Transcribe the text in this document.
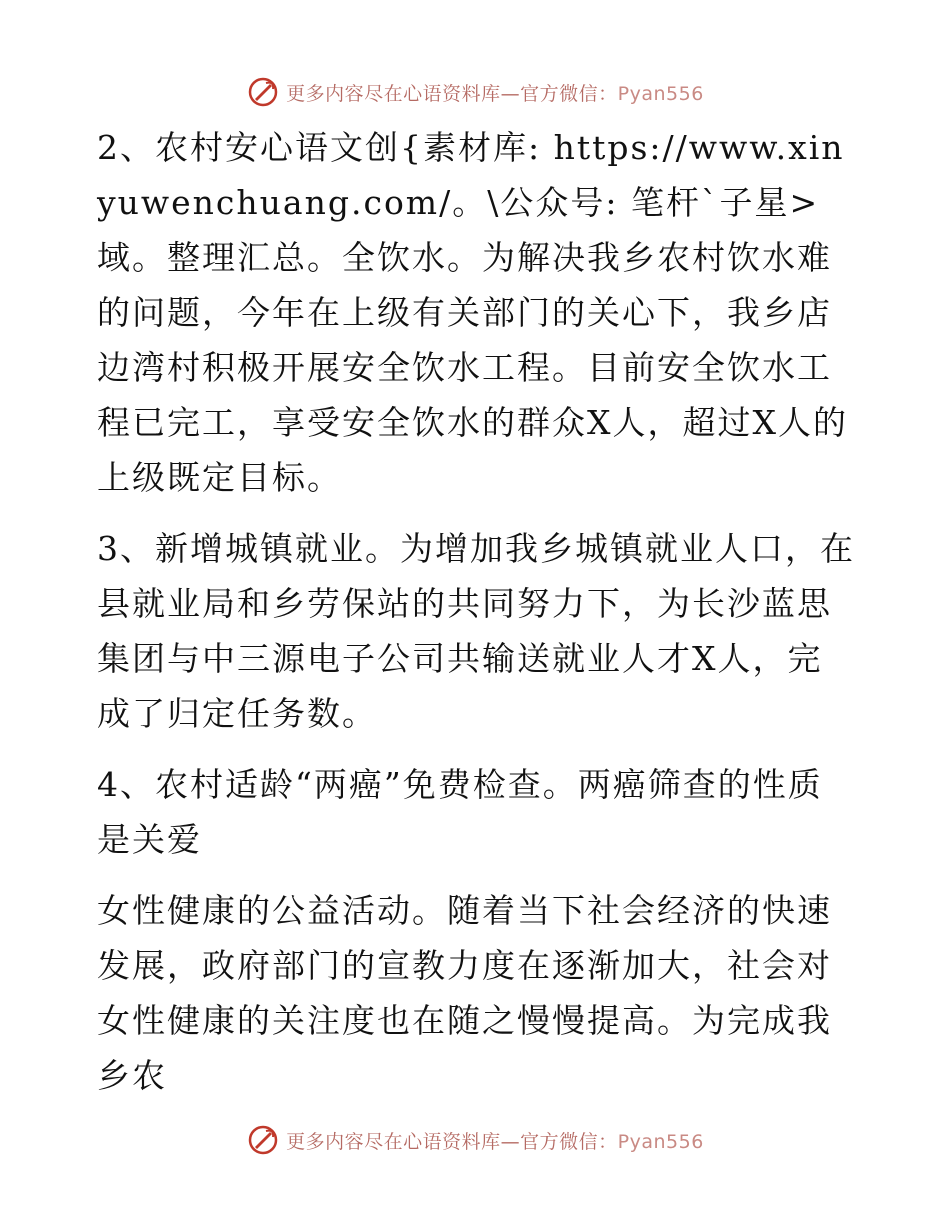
更多内容尽在心语资料库—官方微信：Pyan556

2、农村安心语文创{素材库: https://www.xinyuwenchuang.com/。\公众号: 笔杆`子星>域。整理汇总。全饮水。为解决我乡农村饮水难的问题，今年在上级有关部门的关心下，我乡店边湾村积极开展安全饮水工程。目前安全饮水工程已完工，享受安全饮水的群众X人，超过X人的上级既定目标。

3、新增城镇就业。为增加我乡城镇就业人口，在县就业局和乡劳保站的共同努力下，为长沙蓝思集团与中三源电子公司共输送就业人才X人，完成了归定任务数。

4、农村适龄“两癌”免费检查。两癌筛查的性质是关爱

女性健康的公益活动。随着当下社会经济的快速发展，政府部门的宣教力度在逐渐加大，社会对女性健康的关注度也在随之慢慢提高。为完成我乡农

更多内容尽在心语资料库—官方微信：Pyan556
